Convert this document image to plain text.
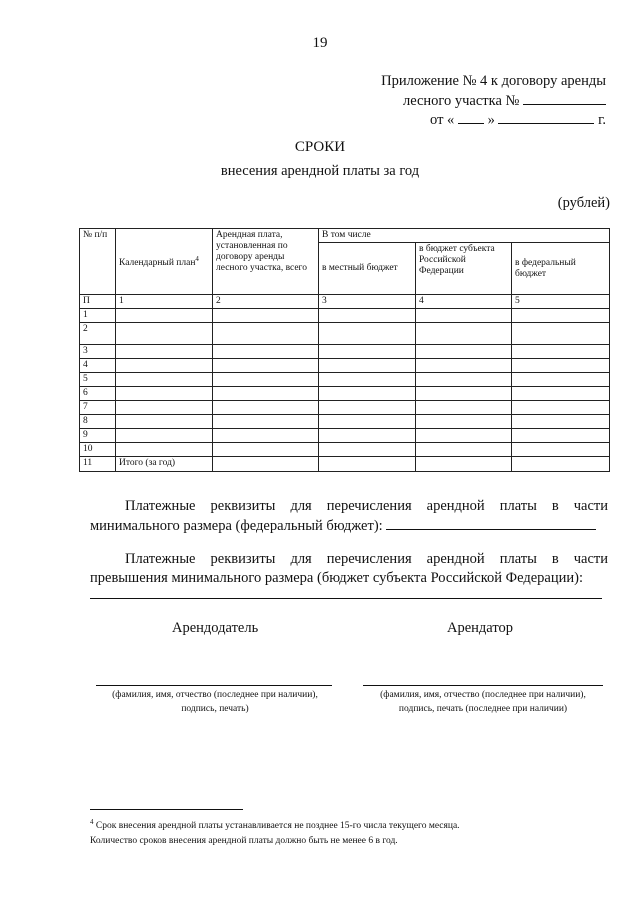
19
Приложение № 4 к договору аренды
лесного участка №
от « »	г.
СРОКИ
внесения арендной платы за год
(рублей)
№ п/п	Календарный план$^4$	Арендная плата, установленная по договору аренды лесного участка, всего	В том числе		
			в местный бюджет	в бюджет субъекта Российской Федерации	в федеральный бюджет
П	1	2	3	4	5
1					
2					
3					
4					
5					
6					
7					
8					
9					
10					
11	Итого (за год)				
Платежные реквизиты для перечисления арендной платы в части
минимального размера (федеральный бюджет):
Платежные реквизиты для перечисления арендной платы в части
превышения минимального размера (бюджет субъекта Российской Федерации):
Арендодатель	Арендатор
(фамилия, имя, отчество (последнее при наличии),
подпись, печать)
(фамилия, имя, отчество (последнее при наличии),
подпись, печать (последнее при наличии)
$^4$ Срок внесения арендной платы устанавливается не позднее 15-го числа текущего месяца.
Количество сроков внесения арендной платы должно быть не менее 6 в год.
